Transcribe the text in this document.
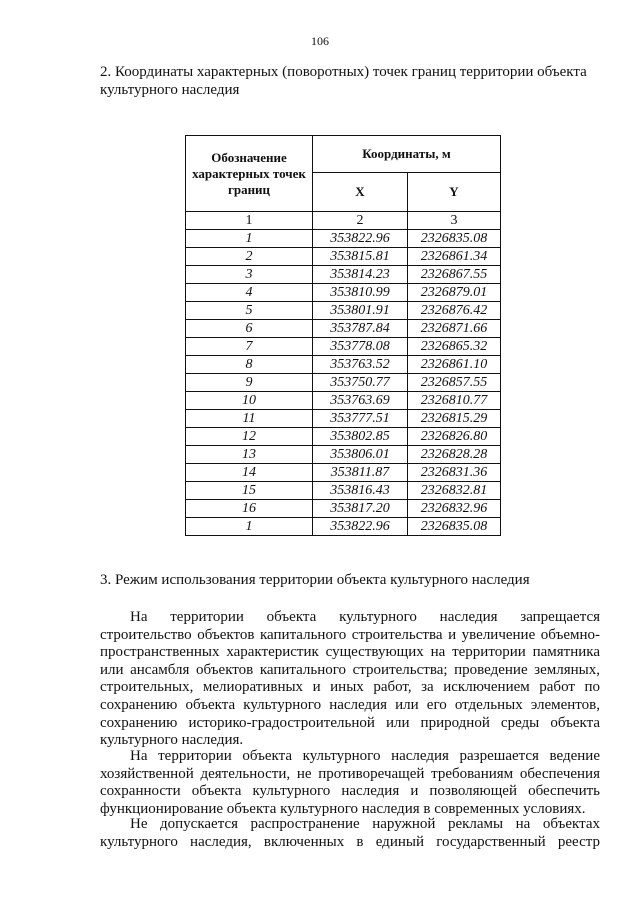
106
2. Координаты характерных (поворотных) точек границ территории объекта
культурного наследия
Обозначение характерных точек границ	Координаты, м	
	X	Y
1	2	3
1	353822.96	2326835.08
2	353815.81	2326861.34
3	353814.23	2326867.55
4	353810.99	2326879.01
5	353801.91	2326876.42
6	353787.84	2326871.66
7	353778.08	2326865.32
8	353763.52	2326861.10
9	353750.77	2326857.55
10	353763.69	2326810.77
11	353777.51	2326815.29
12	353802.85	2326826.80
13	353806.01	2326828.28
14	353811.87	2326831.36
15	353816.43	2326832.81
16	353817.20	2326832.96
1	353822.96	2326835.08
3. Режим использования территории объекта культурного наследия

На территории объекта культурного наследия запрещается
строительство объектов капитального строительства и увеличение объемно-
пространственных характеристик существующих на территории памятника
или ансамбля объектов капитального строительства; проведение земляных,
строительных, мелиоративных и иных работ, за исключением работ по
сохранению объекта культурного наследия или его отдельных элементов,
сохранению историко-градостроительной или природной среды объекта
культурного наследия.

На территории объекта культурного наследия разрешается ведение
хозяйственной деятельности, не противоречащей требованиям обеспечения
сохранности объекта культурного наследия и позволяющей обеспечить
функционирование объекта культурного наследия в современных условиях.

Не допускается распространение наружной рекламы на объектах
культурного наследия, включенных в единый государственный реестр
